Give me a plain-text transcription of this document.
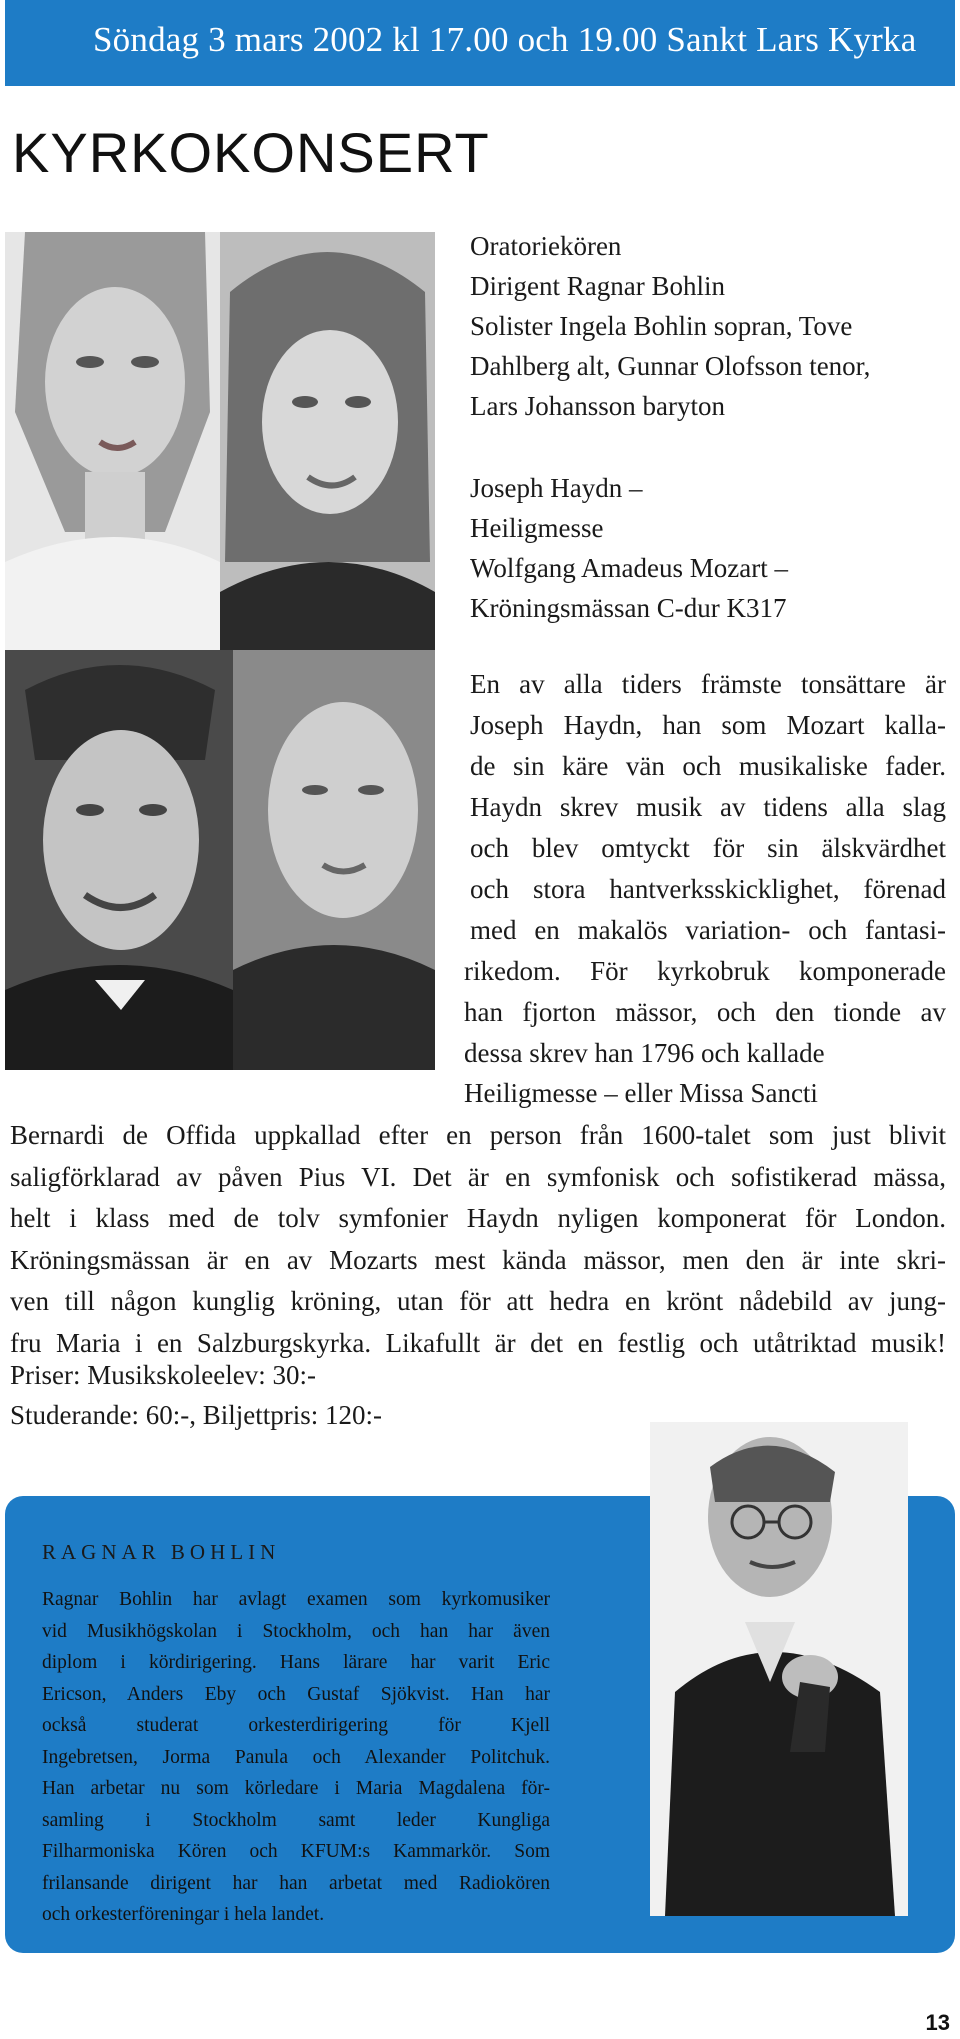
Söndag 3 mars 2002 kl 17.00 och 19.00 Sankt Lars Kyrka
KYRKOKONSERT
Oratoriekören
Dirigent Ragnar Bohlin
Solister Ingela Bohlin sopran, Tove
Dahlberg alt, Gunnar Olofsson tenor,
Lars Johansson baryton
Joseph Haydn –
Heiligmesse
Wolfgang Amadeus Mozart –
Kröningsmässan C-dur K317
En av alla tiders främste tonsättare är
Joseph Haydn, han som Mozart kalla-
de sin käre vän och musikaliske fader.
Haydn skrev musik av tidens alla slag
och blev omtyckt för sin älskvärdhet
och stora hantverksskicklighet, förenad
med en makalös variation- och fantasi-
rikedom. För kyrkobruk komponerade
han fjorton mässor, och den tionde av
dessa skrev han 1796 och kallade
Heiligmesse – eller Missa Sancti
Bernardi de Offida uppkallad efter en person från 1600-talet som just blivit
saligförklarad av påven Pius VI. Det är en symfonisk och sofistikerad mässa,
helt i klass med de tolv symfonier Haydn nyligen komponerat för London.
Kröningsmässan är en av Mozarts mest kända mässor, men den är inte skri-
ven till någon kunglig kröning, utan för att hedra en krönt nådebild av jung-
fru Maria i en Salzburgskyrka. Likafullt är det en festlig och utåtriktad musik!
Priser: Musikskoleelev: 30:-
Studerande: 60:-, Biljettpris: 120:-
RAGNAR BOHLIN
Ragnar Bohlin har avlagt examen som kyrkomusiker
vid Musikhögskolan i Stockholm, och han har även
diplom i kördirigering. Hans lärare har varit Eric
Ericson, Anders Eby och Gustaf Sjökvist. Han har
också studerat orkesterdirigering för Kjell
Ingebretsen, Jorma Panula och Alexander Politchuk.
Han arbetar nu som körledare i Maria Magdalena för-
samling i Stockholm samt leder Kungliga
Filharmoniska Kören och KFUM:s Kammarkör. Som
frilansande dirigent har han arbetat med Radiokören
och orkesterföreningar i hela landet.
13
